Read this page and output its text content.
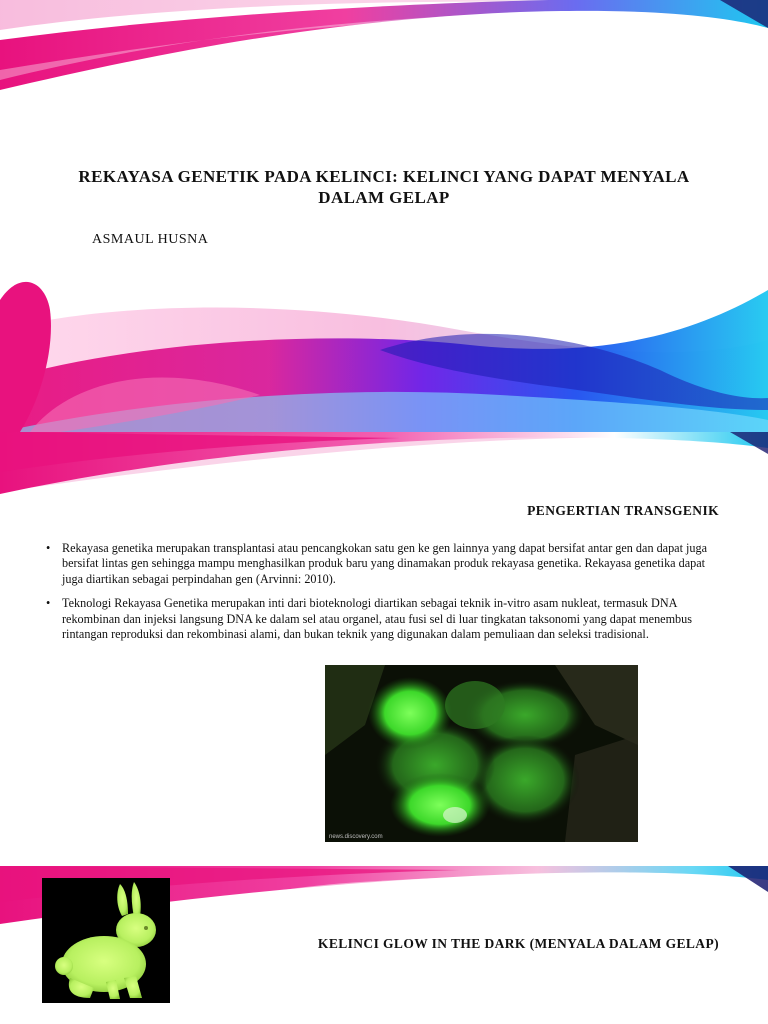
REKAYASA GENETIK PADA KELINCI: KELINCI YANG DAPAT MENYALA DALAM GELAP
ASMAUL HUSNA
PENGERTIAN TRANSGENIK
• Rekayasa genetika merupakan transplantasi atau pencangkokan satu gen ke gen lainnya yang dapat bersifat antar gen dan dapat juga bersifat lintas gen sehingga mampu menghasilkan produk baru yang dinamakan produk rekayasa genetika. Rekayasa genetika dapat juga diartikan sebagai perpindahan gen (Arvinni: 2010).
• Teknologi Rekayasa Genetika merupakan inti dari bioteknologi diartikan sebagai teknik in-vitro asam nukleat, termasuk DNA rekombinan dan injeksi langsung DNA ke dalam sel atau organel, atau fusi sel di luar tingkatan taksonomi yang dapat menembus rintangan reproduksi dan rekombinasi alami, dan bukan teknik yang digunakan dalam pemuliaan dan seleksi tradisional.
news.discovery.com
KELINCI GLOW IN THE DARK (MENYALA DALAM GELAP)
